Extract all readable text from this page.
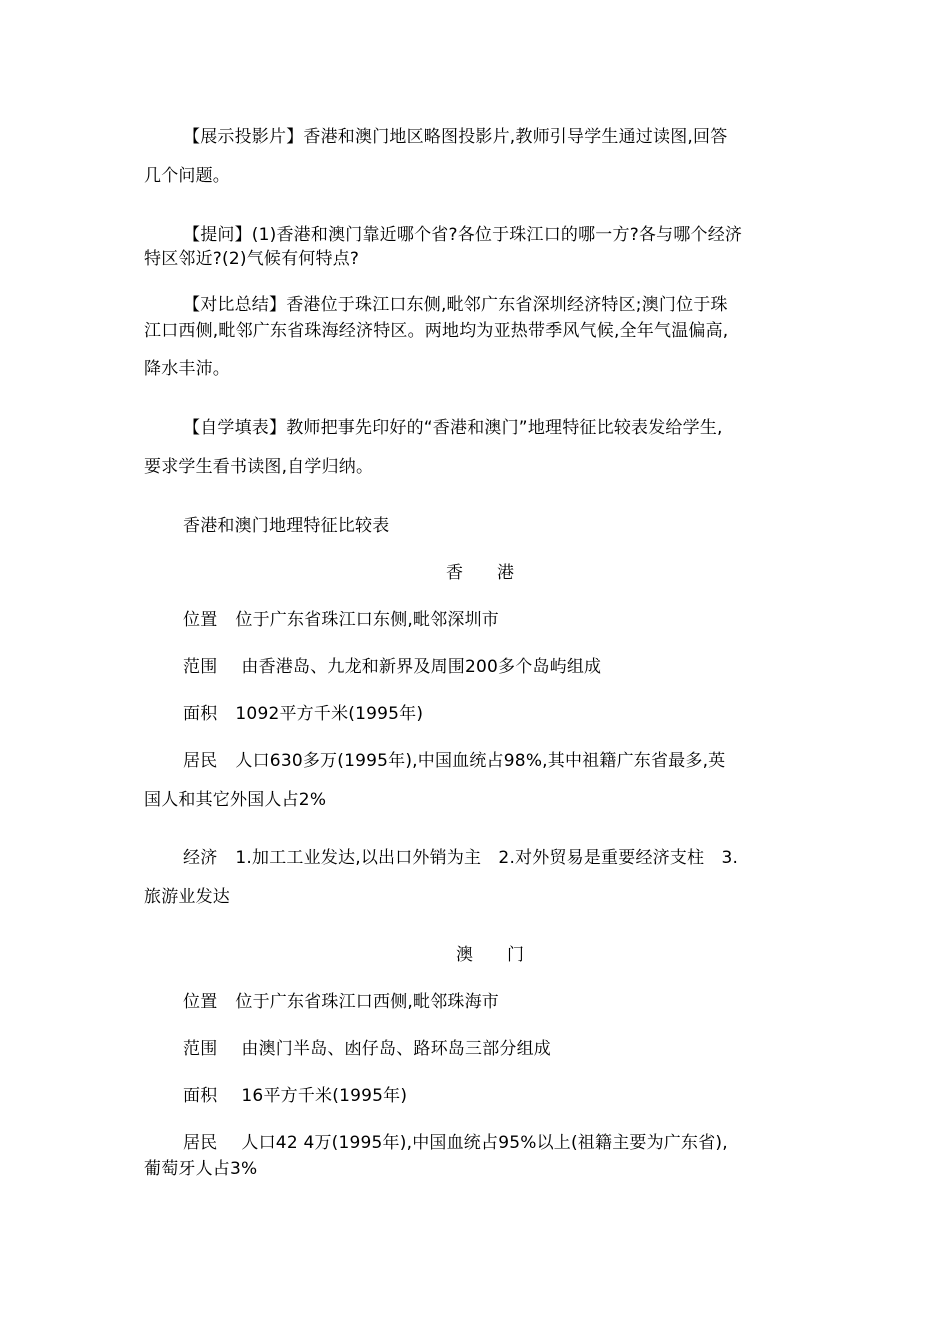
【展示投影片】香港和澳门地区略图投影片,教师引导学生通过读图,回答
几个问题。
【提问】(1)香港和澳门靠近哪个省?各位于珠江口的哪一方?各与哪个经济
特区邻近?(2)气候有何特点?
【对比总结】香港位于珠江口东侧,毗邻广东省深圳经济特区;澳门位于珠
江口西侧,毗邻广东省珠海经济特区。两地均为亚热带季风气候,全年气温偏高,
降水丰沛。
【自学填表】教师把事先印好的“香港和澳门”地理特征比较表发给学生,
要求学生看书读图,自学归纳。
香港和澳门地理特征比较表
香　　港
位置 位于广东省珠江口东侧,毗邻深圳市
范围 由香港岛、九龙和新界及周围200多个岛屿组成
面积 1092平方千米(1995年)
居民 人口630多万(1995年),中国血统占98%,其中祖籍广东省最多,英
国人和其它外国人占2%
经济 1.加工工业发达,以出口外销为主　2.对外贸易是重要经济支柱　3.
旅游业发达
澳　　门
位置 位于广东省珠江口西侧,毗邻珠海市
范围 由澳门半岛、凼仔岛、路环岛三部分组成
面积 16平方千米(1995年)
居民 人口42 4万(1995年),中国血统占95%以上(祖籍主要为广东省),
葡萄牙人占3%
